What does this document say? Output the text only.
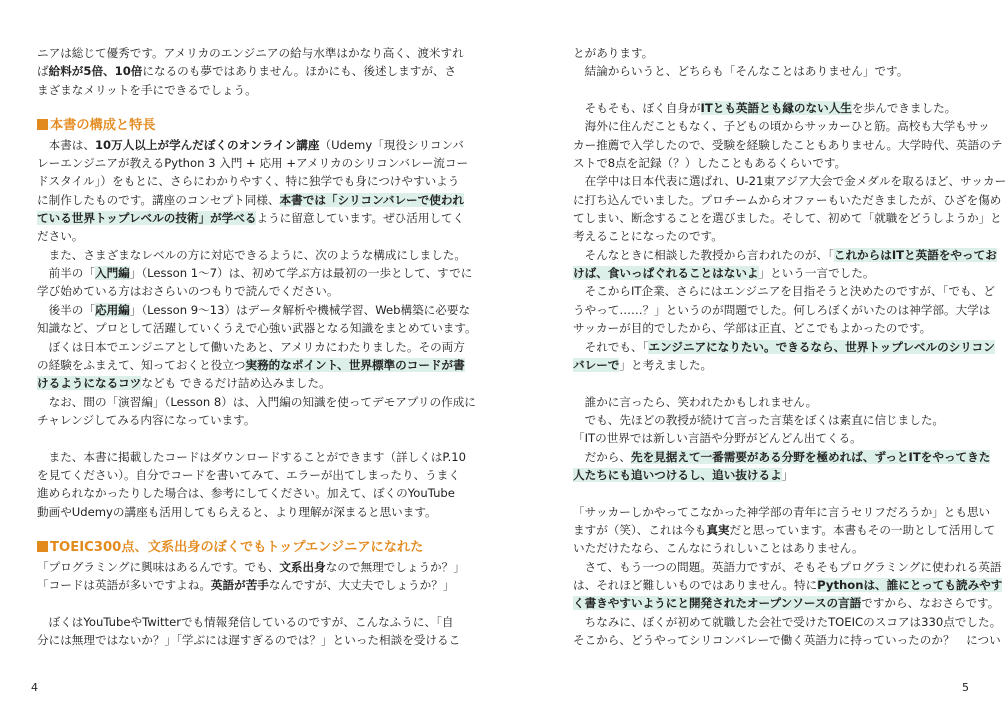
ニアは総じて優秀です。アメリカのエンジニアの給与水準はかなり高く、渡米すれ
ば給料が5倍、10倍になるのも夢ではありません。ほかにも、後述しますが、さ
まざまなメリットを手にできるでしょう。
本書の構成と特長
　本書は、10万人以上が学んだぼくのオンライン講座（Udemy「現役シリコンバ
レーエンジニアが教えるPython 3 入門 + 応用 +アメリカのシリコンバレー流コー
ドスタイル」）をもとに、さらにわかりやすく、特に独学でも身につけやすいよう
に制作したものです。講座のコンセプト同様、本書では「シリコンバレーで使われ
ている世界トップレベルの技術」が学べるように留意しています。ぜひ活用してく
ださい。
　また、さまざまなレベルの方に対応できるように、次のような構成にしました。
　前半の「入門編」（Lesson 1〜7）は、初めて学ぶ方は最初の一歩として、すでに
学び始めている方はおさらいのつもりで読んでください。
　後半の「応用編」（Lesson 9〜13）はデータ解析や機械学習、Web構築に必要な
知識など、プロとして活躍していくうえで心強い武器となる知識をまとめています。
　ぼくは日本でエンジニアとして働いたあと、アメリカにわたりました。その両方
の経験をふまえて、知っておくと役立つ実務的なポイント、世界標準のコードが書
けるようになるコツなども できるだけ詰め込みました。
　なお、間の「演習編」（Lesson 8）は、入門編の知識を使ってデモアプリの作成に
チャレンジしてみる内容になっています。
　また、本書に掲載したコードはダウンロードすることができます（詳しくはP.10
を見てください）。自分でコードを書いてみて、エラーが出てしまったり、うまく
進められなかったりした場合は、参考にしてください。加えて、ぼくのYouTube
動画やUdemyの講座も活用してもらえると、より理解が深まると思います。
TOEIC300点、文系出身のぼくでもトップエンジニアになれた
「プログラミングに興味はあるんです。でも、文系出身なので無理でしょうか？」
「コードは英語が多いですよね。英語が苦手なんですが、大丈夫でしょうか？」
　ぼくはYouTubeやTwitterでも情報発信しているのですが、こんなふうに、「自
分には無理ではないか？」「学ぶには遅すぎるのでは？」といった相談を受けるこ
とがあります。
　結論からいうと、どちらも「そんなことはありません」です。
　そもそも、ぼく自身がITとも英語とも縁のない人生を歩んできました。
　海外に住んだこともなく、子どもの頃からサッカーひと筋。高校も大学もサッ
カー推薦で入学したので、受験を経験したこともありません。大学時代、英語のテ
ストで8点を記録（？）したこともあるくらいです。
　在学中は日本代表に選ばれ、U-21東アジア大会で金メダルを取るほど、サッカー
に打ち込んでいました。プロチームからオファーもいただきましたが、ひざを傷め
てしまい、断念することを選びました。そして、初めて「就職をどうしようか」と
考えることになったのです。
　そんなときに相談した教授から言われたのが、「これからはITと英語をやってお
けば、食いっぱぐれることはないよ」という一言でした。
　そこからIT企業、さらにはエンジニアを目指そうと決めたのですが、「でも、ど
うやって……？」というのが問題でした。何しろぼくがいたのは神学部。大学は
サッカーが目的でしたから、学部は正直、どこでもよかったのです。
　それでも、「エンジニアになりたい。できるなら、世界トップレベルのシリコン
バレーで」と考えました。
　誰かに言ったら、笑われたかもしれません。
　でも、先ほどの教授が続けて言った言葉をぼくは素直に信じました。
「ITの世界では新しい言語や分野がどんどん出てくる。
　だから、先を見据えて一番需要がある分野を極めれば、ずっとITをやってきた
人たちにも追いつけるし、追い抜けるよ」
「サッカーしかやってこなかった神学部の青年に言うセリフだろうか」とも思い
ますが（笑）、これは今も真実だと思っています。本書もその一助として活用して
いただけたなら、こんなにうれしいことはありません。
　さて、もう一つの問題。英語力ですが、そもそもプログラミングに使われる英語
は、それほど難しいものではありません。特にPythonは、誰にとっても読みやす
く書きやすいようにと開発されたオープンソースの言語ですから、なおさらです。
　ちなみに、ぼくが初めて就職した会社で受けたTOEICのスコアは330点でした。
そこから、どうやってシリコンバレーで働く英語力に持っていったのか？　につい
4	5
